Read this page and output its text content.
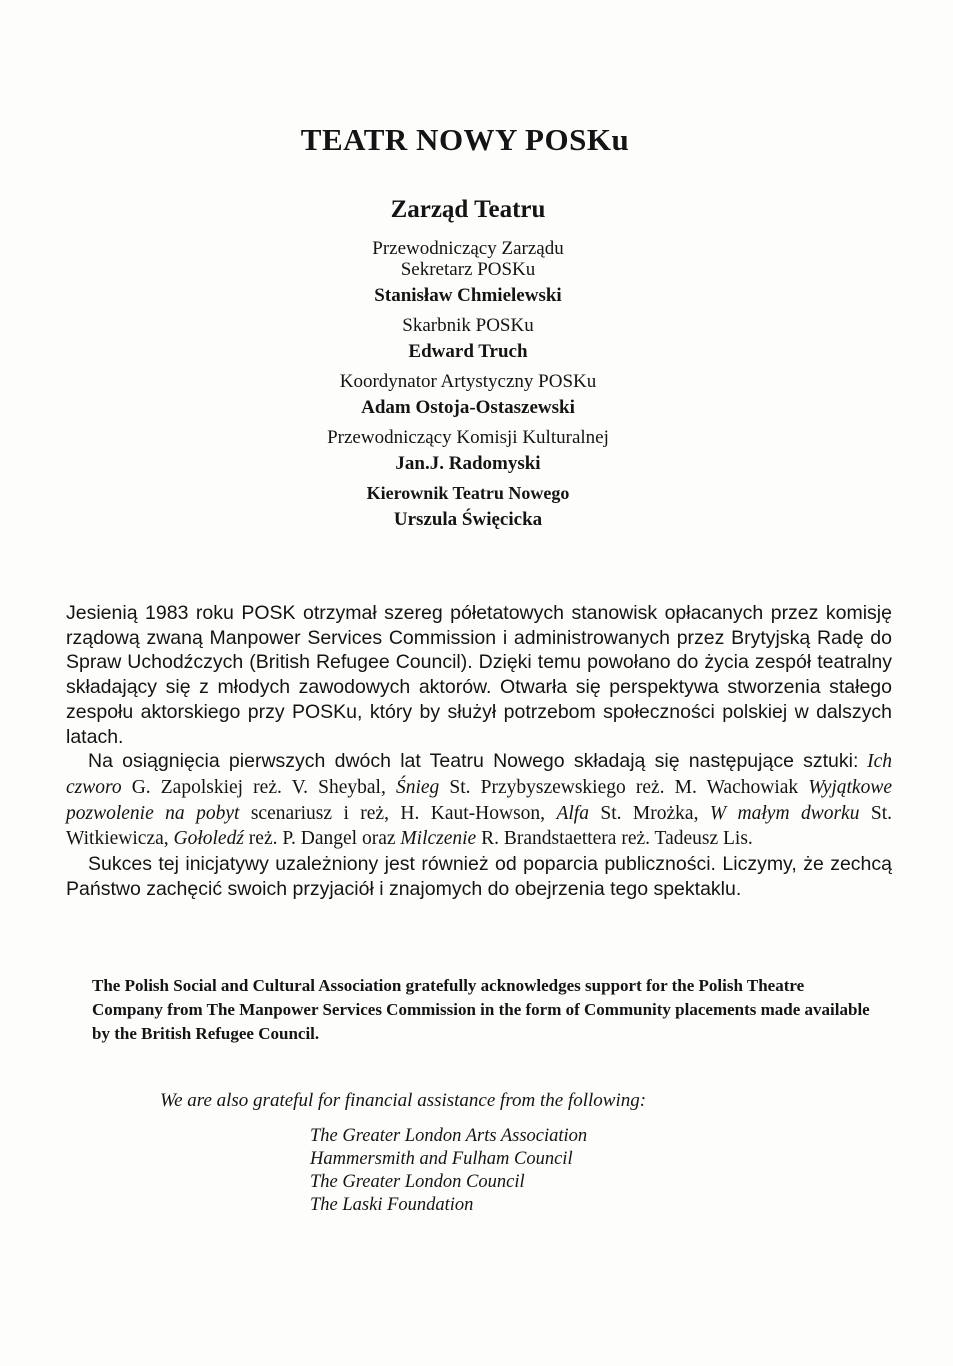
TEATR NOWY POSKu
Zarząd Teatru
Przewodniczący Zarządu
Sekretarz POSKu
Stanisław Chmielewski
Skarbnik POSKu
Edward Truch
Koordynator Artystyczny POSKu
Adam Ostoja-Ostaszewski
Przewodniczący Komisji Kulturalnej
Jan.J. Radomyski
Kierownik Teatru Nowego
Urszula Święcicka

Jesienią 1983 roku POSK otrzymał szereg półetatowych stanowisk opłacanych przez komisję rządową zwaną Manpower Services Commission i administrowanych przez Brytyjską Radę do Spraw Uchodźczych (British Refugee Council). Dzięki temu powołano do życia zespół teatralny składający się z młodych zawodowych aktorów. Otwarła się perspektywa stworzenia stałego zespołu aktorskiego przy POSKu, który by służył potrzebom społeczności polskiej w dalszych latach.

Na osiągnięcia pierwszych dwóch lat Teatru Nowego składają się następujące sztuki: Ich czworo G. Zapolskiej reż. V. Sheybal, Śnieg St. Przybyszewskiego reż. M. Wachowiak Wyjątkowe pozwolenie na pobyt scenariusz i reż, H. Kaut-Howson, Alfa St. Mrożka, W małym dworku St. Witkiewicza, Gołoledź reż. P. Dangel oraz Milczenie R. Brandstaettera reż. Tadeusz Lis.

Sukces tej inicjatywy uzależniony jest również od poparcia publiczności. Liczymy, że zechcą Państwo zachęcić swoich przyjaciół i znajomych do obejrzenia tego spektaklu.

The Polish Social and Cultural Association gratefully acknowledges support for the Polish Theatre Company from The Manpower Services Commission in the form of Community placements made available by the British Refugee Council.
We are also grateful for financial assistance from the following:
The Greater London Arts Association
Hammersmith and Fulham Council
The Greater London Council
The Laski Foundation
